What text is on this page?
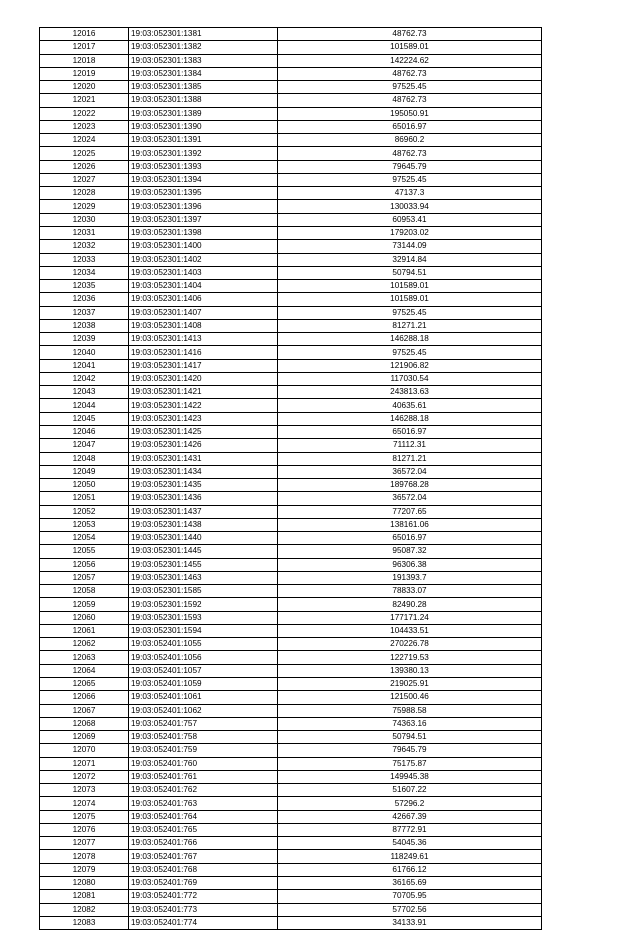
12016	19:03:052301:1381	48762.73
12017	19:03:052301:1382	101589.01
12018	19:03:052301:1383	142224.62
12019	19:03:052301:1384	48762.73
12020	19:03:052301:1385	97525.45
12021	19:03:052301:1388	48762.73
12022	19:03:052301:1389	195050.91
12023	19:03:052301:1390	65016.97
12024	19:03:052301:1391	86960.2
12025	19:03:052301:1392	48762.73
12026	19:03:052301:1393	79645.79
12027	19:03:052301:1394	97525.45
12028	19:03:052301:1395	47137.3
12029	19:03:052301:1396	130033.94
12030	19:03:052301:1397	60953.41
12031	19:03:052301:1398	179203.02
12032	19:03:052301:1400	73144.09
12033	19:03:052301:1402	32914.84
12034	19:03:052301:1403	50794.51
12035	19:03:052301:1404	101589.01
12036	19:03:052301:1406	101589.01
12037	19:03:052301:1407	97525.45
12038	19:03:052301:1408	81271.21
12039	19:03:052301:1413	146288.18
12040	19:03:052301:1416	97525.45
12041	19:03:052301:1417	121906.82
12042	19:03:052301:1420	117030.54
12043	19:03:052301:1421	243813.63
12044	19:03:052301:1422	40635.61
12045	19:03:052301:1423	146288.18
12046	19:03:052301:1425	65016.97
12047	19:03:052301:1426	71112.31
12048	19:03:052301:1431	81271.21
12049	19:03:052301:1434	36572.04
12050	19:03:052301:1435	189768.28
12051	19:03:052301:1436	36572.04
12052	19:03:052301:1437	77207.65
12053	19:03:052301:1438	138161.06
12054	19:03:052301:1440	65016.97
12055	19:03:052301:1445	95087.32
12056	19:03:052301:1455	96306.38
12057	19:03:052301:1463	191393.7
12058	19:03:052301:1585	78833.07
12059	19:03:052301:1592	82490.28
12060	19:03:052301:1593	177171.24
12061	19:03:052301:1594	104433.51
12062	19:03:052401:1055	270226.78
12063	19:03:052401:1056	122719.53
12064	19:03:052401:1057	139380.13
12065	19:03:052401:1059	219025.91
12066	19:03:052401:1061	121500.46
12067	19:03:052401:1062	75988.58
12068	19:03:052401:757	74363.16
12069	19:03:052401:758	50794.51
12070	19:03:052401:759	79645.79
12071	19:03:052401:760	75175.87
12072	19:03:052401:761	149945.38
12073	19:03:052401:762	51607.22
12074	19:03:052401:763	57296.2
12075	19:03:052401:764	42667.39
12076	19:03:052401:765	87772.91
12077	19:03:052401:766	54045.36
12078	19:03:052401:767	118249.61
12079	19:03:052401:768	61766.12
12080	19:03:052401:769	36165.69
12081	19:03:052401:772	70705.95
12082	19:03:052401:773	57702.56
12083	19:03:052401:774	34133.91
